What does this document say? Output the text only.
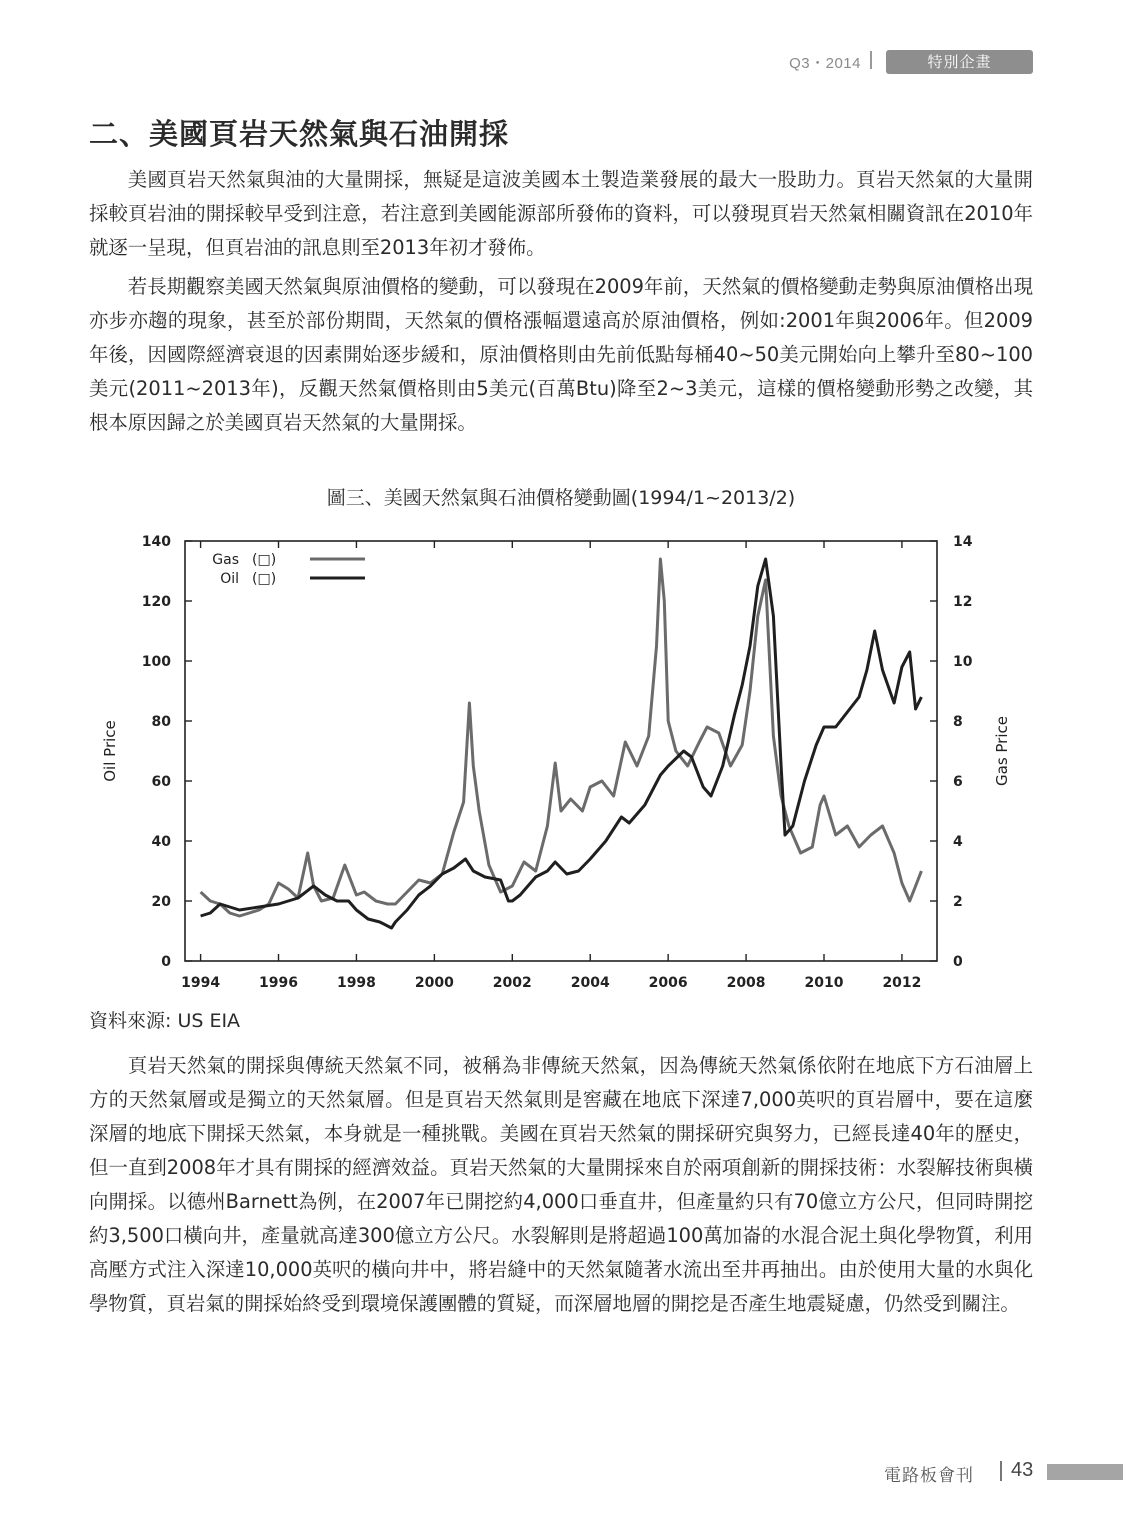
Q3・2014	特別企畫
二、美國頁岩天然氣與石油開採

美國頁岩天然氣與油的大量開採，無疑是這波美國本土製造業發展的最大一股助力。頁岩天然氣的大量開採較頁岩油的開採較早受到注意，若注意到美國能源部所發佈的資料，可以發現頁岩天然氣相關資訊在2010年就逐一呈現，但頁岩油的訊息則至2013年初才發佈。

若長期觀察美國天然氣與原油價格的變動，可以發現在2009年前，天然氣的價格變動走勢與原油價格出現亦步亦趨的現象，甚至於部份期間，天然氣的價格漲幅還遠高於原油價格，例如:2001年與2006年。但2009年後，因國際經濟衰退的因素開始逐步緩和，原油價格則由先前低點每桶40~50美元開始向上攀升至80~100美元(2011~2013年)，反觀天然氣價格則由5美元(百萬Btu)降至2~3美元，這樣的價格變動形勢之改變，其根本原因歸之於美國頁岩天然氣的大量開採。

圖三、美國天然氣與石油價格變動圖(1994/1~2013/2)

0
20
40
60
80
100
120
140
0
2
4
6
8
10
12
14
1994	1996	1998	2000	2002	2004	2006	2008	2010	2012
Oil Price	Gas Price
Gas (□)
Oil (□)
資料來源: US EIA

頁岩天然氣的開採與傳統天然氣不同，被稱為非傳統天然氣，因為傳統天然氣係依附在地底下方石油層上方的天然氣層或是獨立的天然氣層。但是頁岩天然氣則是窖藏在地底下深達7,000英呎的頁岩層中，要在這麼深層的地底下開採天然氣，本身就是一種挑戰。美國在頁岩天然氣的開採研究與努力，已經長達40年的歷史，但一直到2008年才具有開採的經濟效益。頁岩天然氣的大量開採來自於兩項創新的開採技術：水裂解技術與橫向開採。以德州Barnett為例，在2007年已開挖約4,000口垂直井，但產量約只有70億立方公尺，但同時開挖約3,500口橫向井，產量就高達300億立方公尺。水裂解則是將超過100萬加崙的水混合泥土與化學物質，利用高壓方式注入深達10,000英呎的橫向井中，將岩縫中的天然氣隨著水流出至井再抽出。由於使用大量的水與化學物質，頁岩氣的開採始終受到環境保護團體的質疑，而深層地層的開挖是否產生地震疑慮，仍然受到關注。

電路板會刊 43
